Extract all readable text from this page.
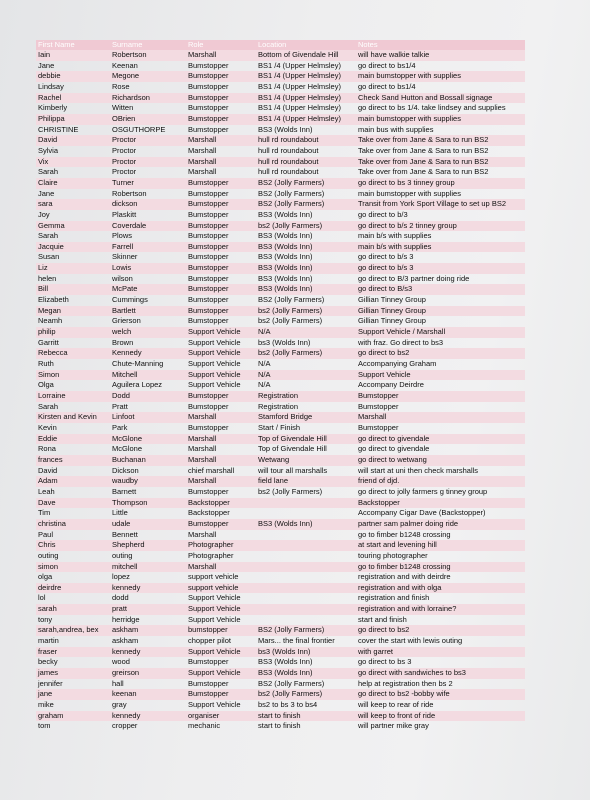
First Name	Surname	Role	Location	Notes
Iain	Robertson	Marshall	Bottom of Givendale Hill	will have walkie talkie
Jane	Keenan	Bumstopper	BS1 /4 (Upper Helmsley)	go direct to bs1/4
debbie	Megone	Bumstopper	BS1 /4 (Upper Helmsley)	main bumstopper with supplies
Lindsay	Rose	Bumstopper	BS1 /4 (Upper Helmsley)	go direct to bs1/4
Rachel	Richardson	Bumstopper	BS1 /4 (Upper Helmsley)	Check Sand Hutton and Bossall signage
Kimberly	Witten	Bumstopper	BS1 /4 (Upper Helmsley)	go direct to bs 1/4. take lindsey and supplies
Philippa	OBrien	Bumstopper	BS1 /4 (Upper Helmsley)	main bumstopper with supplies
CHRISTINE	OSGUTHORPE	Bumstopper	BS3 (Wolds Inn)	main bus with supplies
David	Proctor	Marshall	hull rd roundabout	Take over from Jane & Sara to run BS2
Sylvia	Proctor	Marshall	hull rd roundabout	Take over from Jane & Sara to run BS2
Vix	Proctor	Marshall	hull rd roundabout	Take over from Jane & Sara to run BS2
Sarah	Proctor	Marshall	hull rd roundabout	Take over from Jane & Sara to run BS2
Claire	Turner	Bumstopper	BS2 (Jolly Farmers)	go direct to bs 3 tinney group
Jane	Robertson	Bumstopper	BS2 (Jolly Farmers)	main bumstopper with supplies
sara	dickson	Bumstopper	BS2 (Jolly Farmers)	Transit from York Sport Village to set up BS2
Joy	Plaskitt	Bumstopper	BS3 (Wolds Inn)	go direct to b/3
Gemma	Coverdale	Bumstopper	bs2 (Jolly Farmers)	go direct to b/s 2 tinney group
Sarah	Plows	Bumstopper	BS3 (Wolds Inn)	main b/s with supplies
Jacquie	Farrell	Bumstopper	BS3 (Wolds Inn)	main b/s with supplies
Susan	Skinner	Bumstopper	BS3 (Wolds Inn)	go direct to b/s 3
Liz	Lowis	Bumstopper	BS3 (Wolds Inn)	go direct to b/s 3
helen	wilson	Bumstopper	BS3 (Wolds Inn)	go direct to B/3 partner doing ride
Bill	McPate	Bumstopper	BS3 (Wolds Inn)	go direct to B/s3
Elizabeth	Cummings	Bumstopper	BS2 (Jolly Farmers)	Gillian Tinney Group
Megan	Bartlett	Bumstopper	bs2 (Jolly Farmers)	Gillian Tinney Group
Neamh	Grierson	Bumstopper	bs2 (Jolly Farmers)	Gillian Tinney Group
philip	welch	Support Vehicle	N/A	Support Vehicle / Marshall
Garritt	Brown	Support Vehicle	bs3 (Wolds Inn)	with fraz. Go direct to bs3
Rebecca	Kennedy	Support Vehicle	bs2 (Jolly Farmers)	go direct to bs2
Ruth	Chute-Manning	Support Vehicle	N/A	Accompanying Graham
Simon	Mitchell	Support Vehicle	N/A	Support Vehicle
Olga	Aguilera Lopez	Support Vehicle	N/A	Accompany Deirdre
Lorraine	Dodd	Bumstopper	Registration	Bumstopper
Sarah	Pratt	Bumstopper	Registration	Bumstopper
Kirsten and Kevin	Linfoot	Marshall	Stamford Bridge	Marshall
Kevin	Park	Bumstopper	Start / Finish	Bumstopper
Eddie	McGlone	Marshall	Top of Givendale Hill	go direct to givendale
Rona	McGlone	Marshall	Top of Givendale Hill	go direct to givendale
frances	Buchanan	Marshall	Wetwang	go direct to wetwang
David	Dickson	chief marshall	will tour all marshalls	will start at uni then check marshalls
Adam	waudby	Marshall	field lane	friend of djd.
Leah	Barnett	Bumstopper	bs2 (Jolly Farmers)	go direct to jolly farmers g tinney group
Dave	Thompson	Backstopper		Backstopper
Tim	Little	Backstopper		Accompany Cigar Dave (Backstopper)
christina	udale	Bumstopper	BS3 (Wolds Inn)	partner sam palmer doing ride
Paul	Bennett	Marshall		go to fimber b1248 crossing
Chris	Shepherd	Photographer		at start and levening hill
outing	outing	Photographer		touring photographer
simon	mitchell	Marshall		go to fimber b1248 crossing
olga	lopez	support vehicle		registration and with deirdre
deirdre	kennedy	support vehicle		registration and with olga
lol	dodd	Support Vehicle		registration and finish
sarah	pratt	Support Vehicle		registration and with lorraine?
tony	herridge	Support Vehicle		start and finish
sarah,andrea, bex	askham	bumstopper	BS2 (Jolly Farmers)	go direct to bs2
martin	askham	chopper pilot	Mars... the final frontier	cover the start with lewis outing
fraser	kennedy	Support Vehicle	bs3 (Wolds Inn)	with garret
becky	wood	Bumstopper	BS3 (Wolds Inn)	go direct to bs 3
james	greirson	Support Vehicle	BS3 (Wolds Inn)	go direct with sandwiches to bs3
jennifer	hall	Bumstopper	BS2 (Jolly Farmers)	help at registration then bs 2
jane	keenan	Bumstopper	bs2 (Jolly Farmers)	go direct to bs2 -bobby wife
mike	gray	Support Vehicle	bs2 to bs 3 to bs4	will keep to rear of ride
graham	kennedy	organiser	start to finish	will keep to front of ride
tom	cropper	mechanic	start to finish	will partner mike gray
